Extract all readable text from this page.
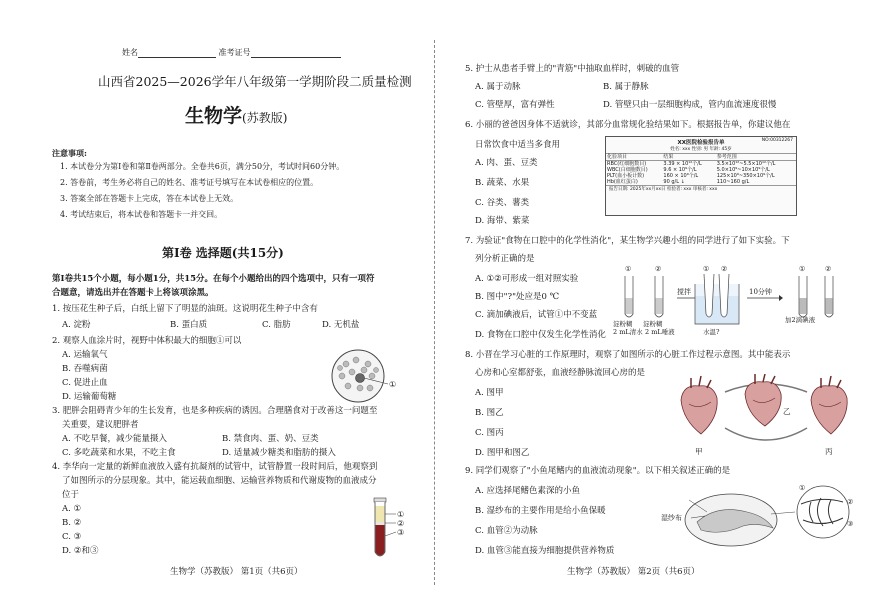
姓名	准考证号
山西省2025—2026学年八年级第一学期阶段二质量检测
生物学(苏教版)
注意事项:
1. 本试卷分为第Ⅰ卷和第Ⅱ卷两部分。全卷共6页，满分50分，考试时间60分钟。
2. 答卷前，考生务必将自己的姓名、准考证号填写在本试卷相应的位置。
3. 答案全部在答题卡上完成，答在本试卷上无效。
4. 考试结束后，将本试卷和答题卡一并交回。
第Ⅰ卷 选择题(共15分)
第Ⅰ卷共15个小题，每小题1分，共15分。在每个小题给出的四个选项中，只有一项符
合题意，请选出并在答题卡上将该项涂黑。
1. 按压花生种子后，白纸上留下了明显的油斑。这说明花生种子中含有
A. 淀粉	B. 蛋白质	C. 脂肪	D. 无机盐
2. 观察人血涂片时，视野中体积最大的细胞①可以
A. 运输氧气
B. 吞噬病菌
C. 促进止血
D. 运输葡萄糖
①
3. 肥胖会阻碍青少年的生长发育，也是多种疾病的诱因。合理膳食对于改善这一问题至
关重要，建议肥胖者
A. 不吃早餐，减少能量摄入	B. 禁食肉、蛋、奶、豆类
C. 多吃蔬菜和水果，不吃主食	D. 适量减少糖类和脂肪的摄入
4. 李华向一定量的新鲜血液放入盛有抗凝剂的试管中，试管静置一段时间后，他观察到
了如图所示的分层现象。其中，能运载血细胞、运输营养物质和代谢废物的血液成分
位于
A. ①
B. ②
C. ③
D. ②和③
①
②
③
生物学（苏教版） 第1页（共6页）
5. 护士从患者手臂上的"青筋"中抽取血样时，刺破的血管
A. 属于动脉	B. 属于静脉
C. 管壁厚，富有弹性	D. 管壁只由一层细胞构成，管内血流速度很慢
6. 小丽的爸爸因身体不适就诊，其部分血常规化验结果如下。根据报告单，你建议他在
日常饮食中适当多食用
A. 肉、蛋、豆类
B. 蔬菜、水果
C. 谷类、薯类
D. 海带、紫菜
NO:00312267
XX医院检验报告单
姓名: xxx 性别: 男 年龄: 45岁
化验项目	结果	参考范围
RBC(红细胞数目)	3.39 × 10¹²个/L	3.5×10¹²~5.5×10¹²个/L
WBC(白细胞数目)	9.6 × 10⁹个/L	5.0×10⁹~10×10⁹个/L
PLT(血小板计数)	160 × 10⁹个/L	125×10⁹~350×10⁹个/L
Hb(血红蛋白)	90 g/L ↓	110~160 g/L
报告日期: 2025年xx月xx日 检验者: xxx 审核者: xxx
7. 为验证"食物在口腔中的化学性消化"，某生物学兴趣小组的同学进行了如下实验。下
列分析正确的是
A. ①②可形成一组对照实验
B. 图中"?"处应是0 ℃
C. 滴加碘液后，试管①中不变蓝
D. 食物在口腔中仅发生化学性消化
①	②	① ②	①	②
搅拌
水温?
10分钟
加2滴碘液
淀粉糊 淀粉糊
2 mL清水 2 mL唾液
8. 小晋在学习心脏的工作原理时，观察了如图所示的心脏工作过程示意图。其中能表示
心房和心室都舒张，血液经静脉流回心房的是
A. 图甲
B. 图乙
C. 图丙
D. 图甲和图乙
乙
甲	丙
9. 同学们观察了"小鱼尾鳍内的血液流动现象"。以下相关叙述正确的是
A. 应选择尾鳍色素深的小鱼
B. 湿纱布的主要作用是给小鱼保暖
C. 血管②为动脉
D. 血管③能直接为细胞提供营养物质
湿纱布
①
②
③
生物学（苏教版） 第2页（共6页）
